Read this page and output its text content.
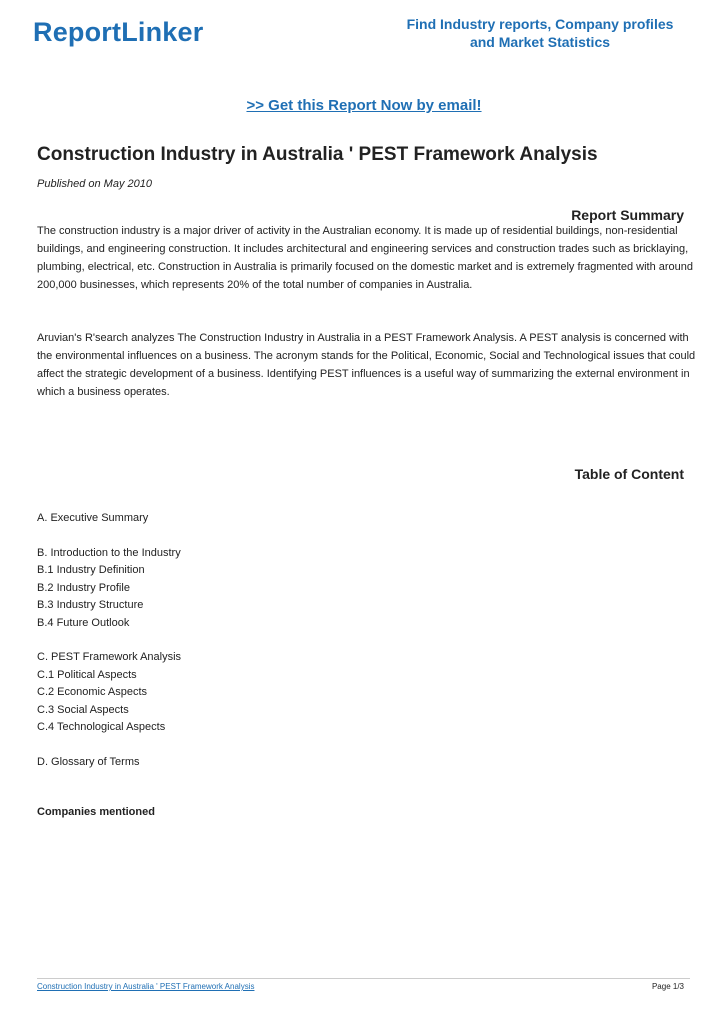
ReportLinker	Find Industry reports, Company profiles
and Market Statistics
>> Get this Report Now by email!
Construction Industry in Australia ' PEST Framework Analysis
Published on May 2010
Report Summary

The construction industry is a major driver of activity in the Australian economy. It is made up of residential buildings, non-residential buildings, and engineering construction. It includes architectural and engineering services and construction trades such as bricklaying, plumbing, electrical, etc. Construction in Australia is primarily focused on the domestic market and is extremely fragmented with around 200,000 businesses, which represents 20% of the total number of companies in Australia.

Aruvian's R'search analyzes The Construction Industry in Australia in a PEST Framework Analysis. A PEST analysis is concerned with the environmental influences on a business. The acronym stands for the Political, Economic, Social and Technological issues that could affect the strategic development of a business. Identifying PEST influences is a useful way of summarizing the external environment in which a business operates.

Table of Content
A. Executive Summary
B. Introduction to the Industry
B.1 Industry Definition
B.2 Industry Profile
B.3 Industry Structure
B.4 Future Outlook
C. PEST Framework Analysis
C.1 Political Aspects
C.2 Economic Aspects
C.3 Social Aspects
C.4 Technological Aspects
D. Glossary of Terms
Companies mentioned
Construction Industry in Australia ' PEST Framework Analysis	Page 1/3
